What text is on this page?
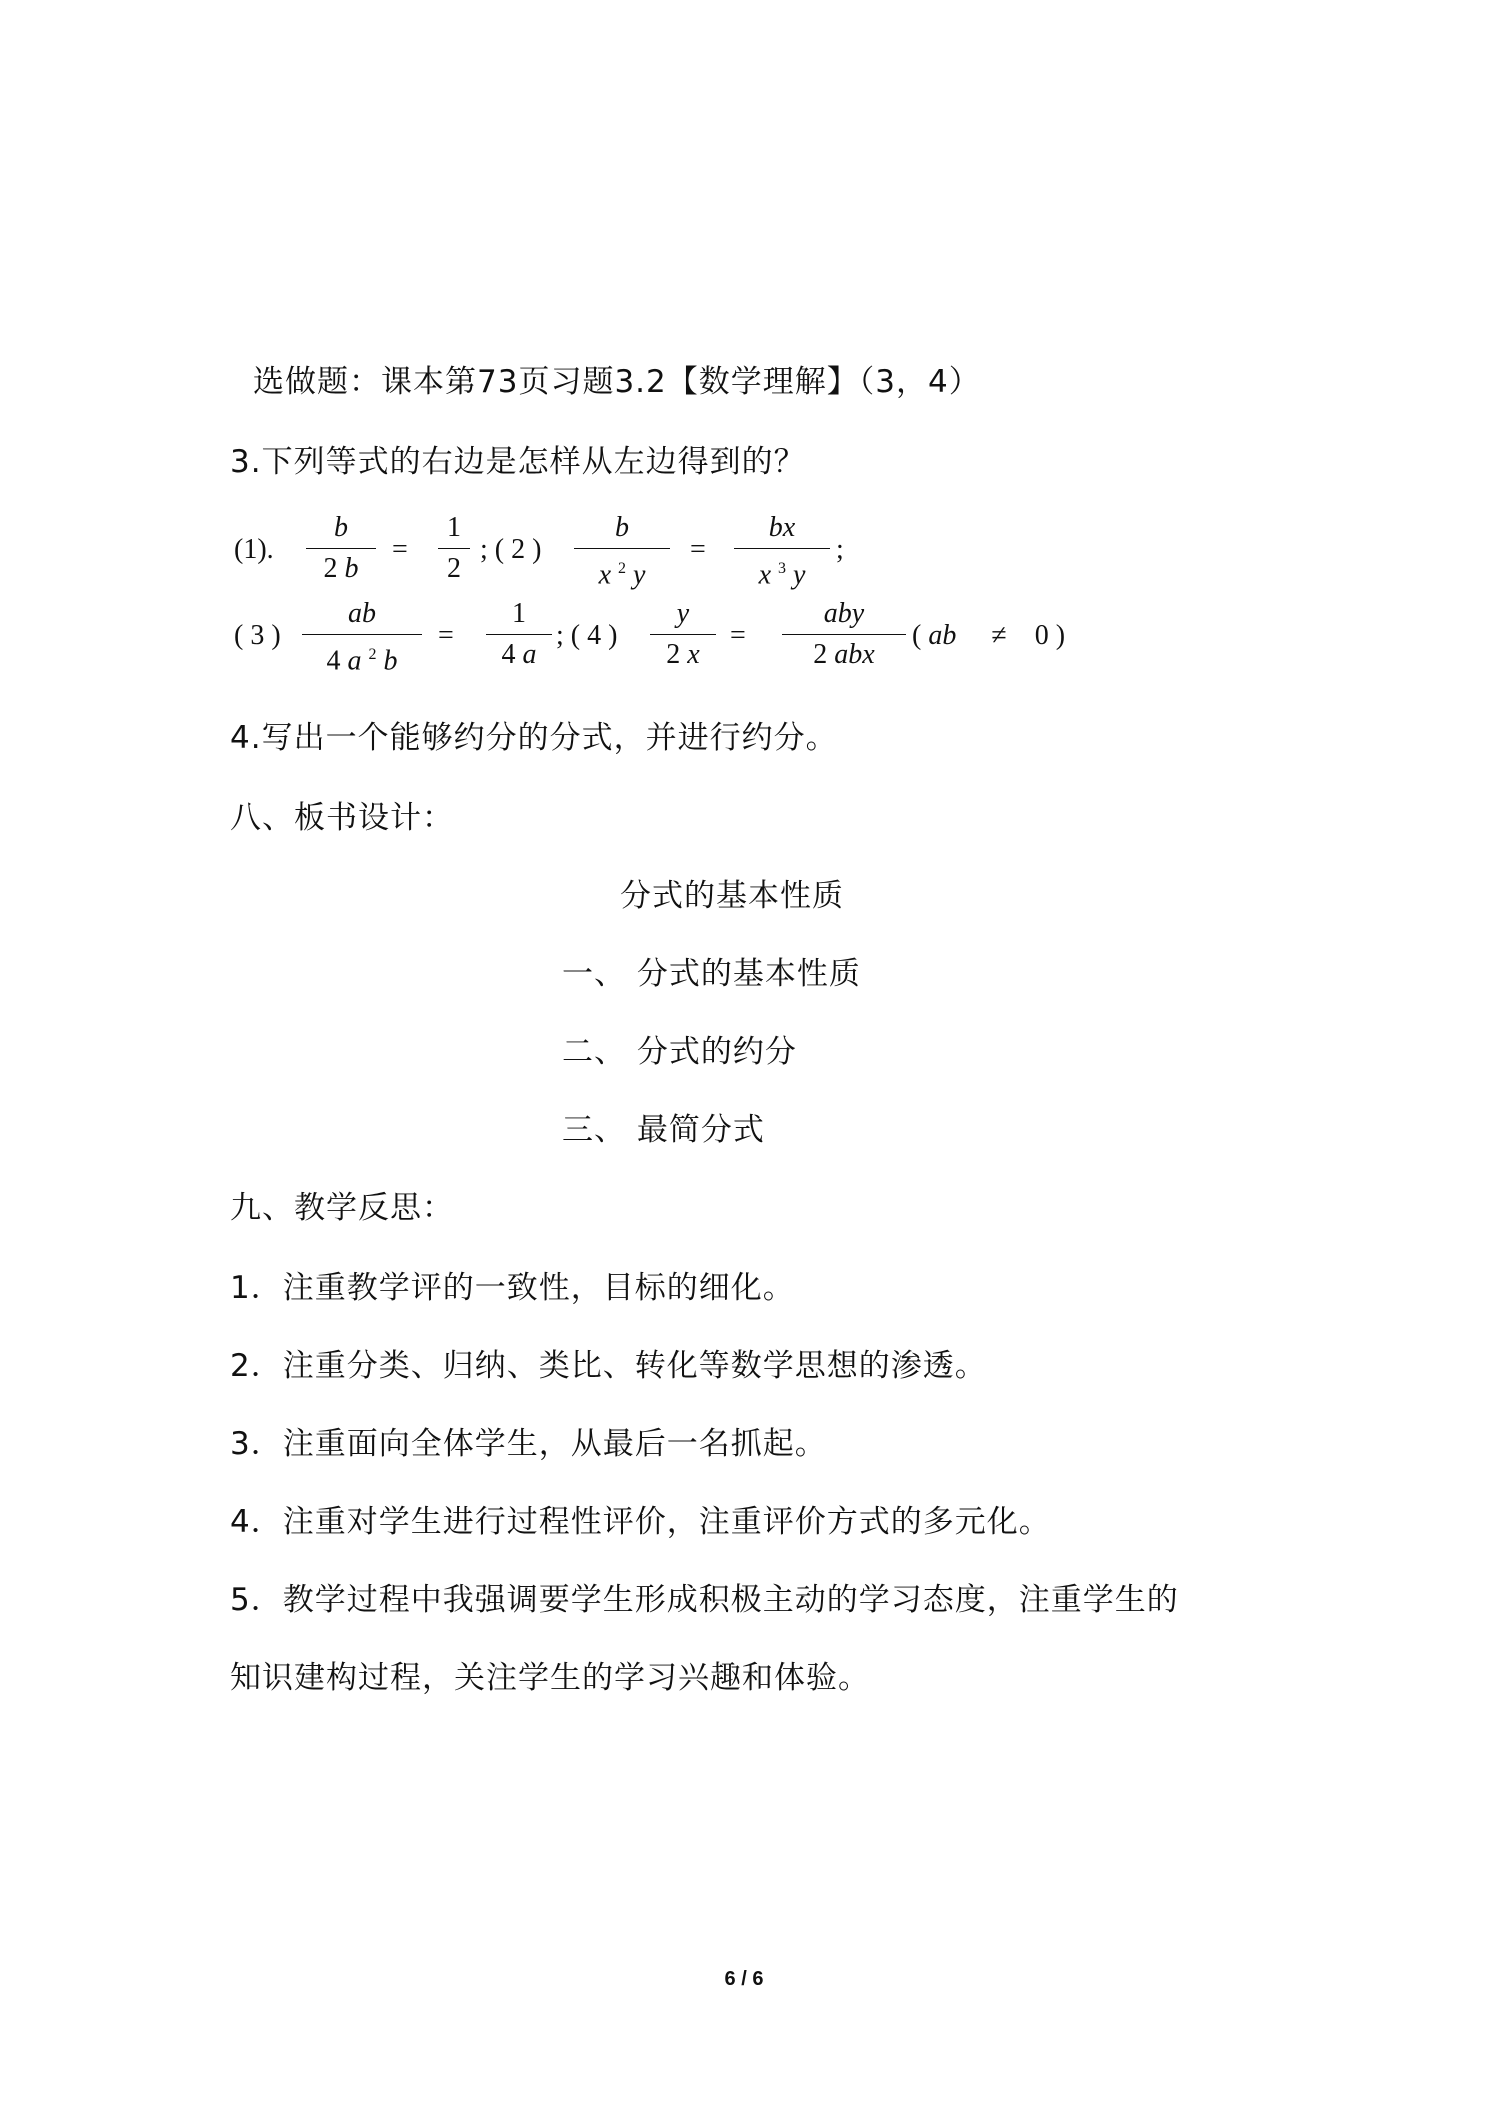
选做题：课本第73页习题3.2【数学理解】（3，4）
3.下列等式的右边是怎样从左边得到的？
(1).
b
2 b
=
1
2
; ( 2 )
b
x $^2$ y
=
bx
x $^3$ y
;
( 3 )
ab
4 a $^2$ b
=
1
4 a
; ( 4 )
y
2 x
=
aby
2 abx
( ab     ≠    0 )
4.写出一个能够约分的分式，并进行约分。
八、板书设计：
分式的基本性质
一、 分式的基本性质
二、 分式的约分
三、 最简分式
九、教学反思：
1．注重教学评的一致性，目标的细化。
2．注重分类、归纳、类比、转化等数学思想的渗透。
3．注重面向全体学生，从最后一名抓起。
4．注重对学生进行过程性评价，注重评价方式的多元化。
5．教学过程中我强调要学生形成积极主动的学习态度，注重学生的
知识建构过程，关注学生的学习兴趣和体验。
6 / 6
